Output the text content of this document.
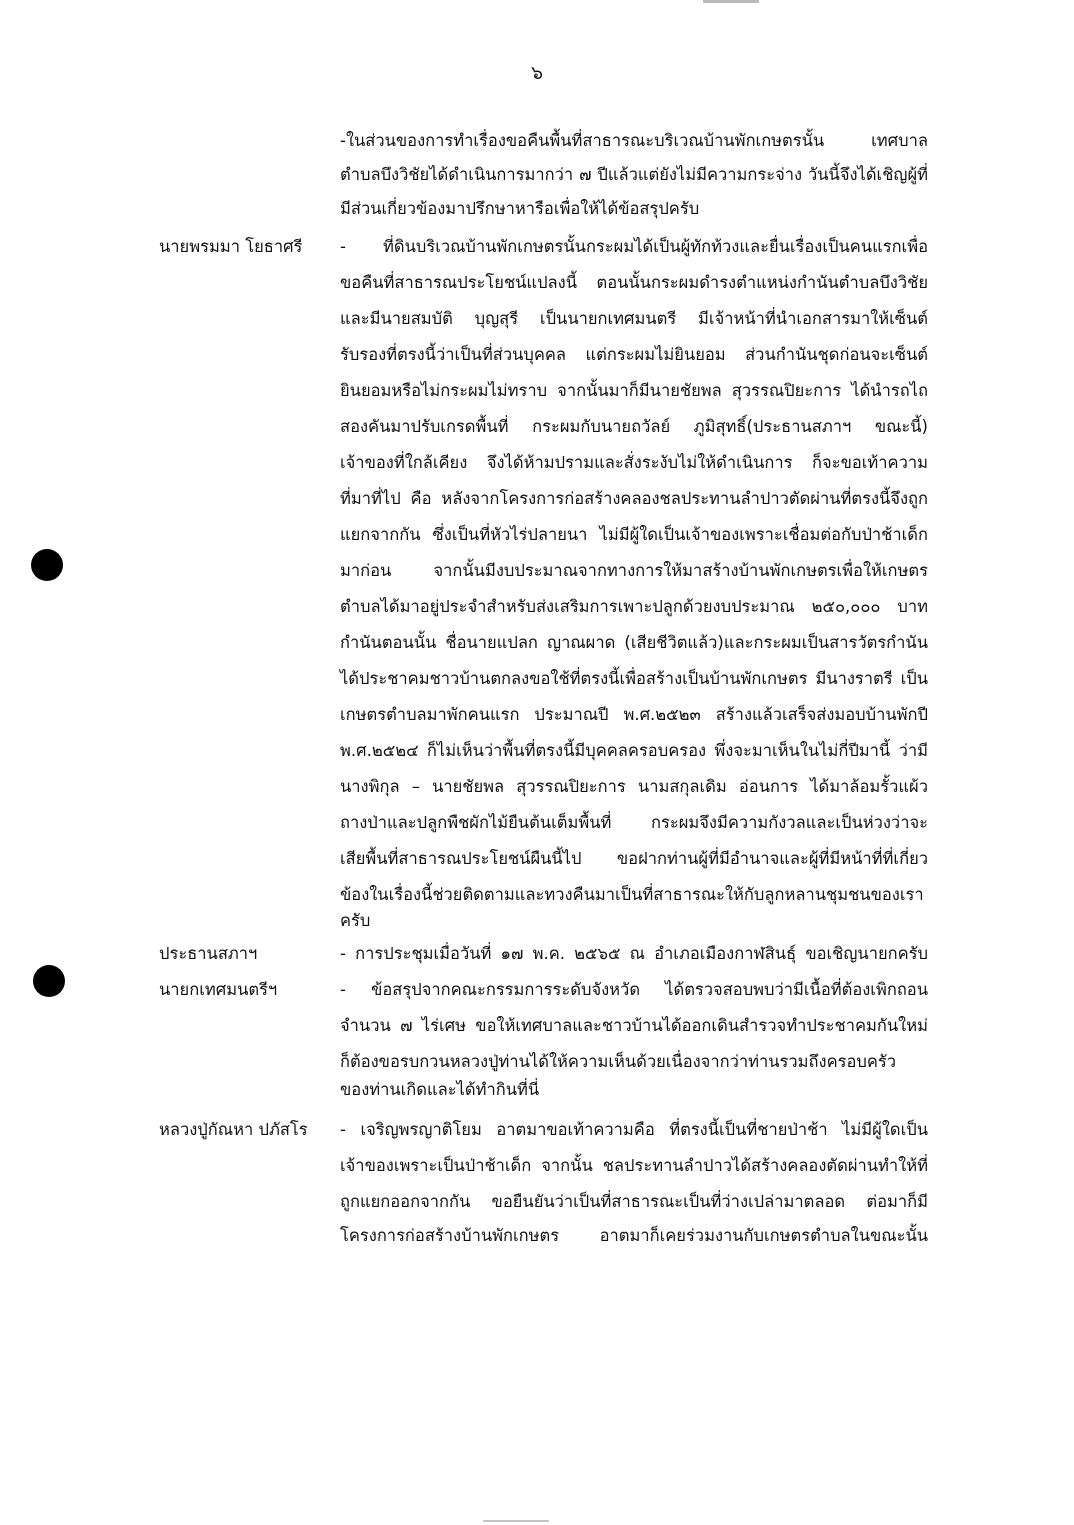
๖
-ในส่วนของการทำเรื่องขอคืนพื้นที่สาธารณะบริเวณบ้านพักเกษตรนั้น เทศบาล
ตำบลบึงวิชัยได้ดำเนินการมากว่า ๗ ปีแล้วแต่ยังไม่มีความกระจ่าง วันนี้จึงได้เชิญผู้ที่
มีส่วนเกี่ยวข้องมาปรึกษาหารือเพื่อให้ได้ข้อสรุปครับ
นายพรมมา โยธาศรี - ที่ดินบริเวณบ้านพักเกษตรนั้นกระผมได้เป็นผู้ทักท้วงและยื่นเรื่องเป็นคนแรกเพื่อ
ขอคืนที่สาธารณประโยชน์แปลงนี้ ตอนนั้นกระผมดำรงตำแหน่งกำนันตำบลบึงวิชัย
และมีนายสมบัติ บุญสุรี เป็นนายกเทศมนตรี มีเจ้าหน้าที่นำเอกสารมาให้เซ็นต์
รับรองที่ตรงนี้ว่าเป็นที่ส่วนบุคคล แต่กระผมไม่ยินยอม ส่วนกำนันชุดก่อนจะเซ็นต์
ยินยอมหรือไม่กระผมไม่ทราบ จากนั้นมาก็มีนายชัยพล สุวรรณปิยะการ ได้นำรถไถ
สองคันมาปรับเกรดพื้นที่ กระผมกับนายถวัลย์ ภูมิสุทธิ์(ประธานสภาฯ ขณะนี้)
เจ้าของที่ใกล้เคียง จึงได้ห้ามปรามและสั่งระงับไม่ให้ดำเนินการ ก็จะขอเท้าความ
ที่มาที่ไป คือ หลังจากโครงการก่อสร้างคลองชลประทานลำปาวตัดผ่านที่ตรงนี้จึงถูก
แยกจากกัน ซึ่งเป็นที่หัวไร่ปลายนา ไม่มีผู้ใดเป็นเจ้าของเพราะเชื่อมต่อกับป่าช้าเด็ก
มาก่อน จากนั้นมีงบประมาณจากทางการให้มาสร้างบ้านพักเกษตรเพื่อให้เกษตร
ตำบลได้มาอยู่ประจำสำหรับส่งเสริมการเพาะปลูกด้วยงบประมาณ ๒๕๐,๐๐๐ บาท
กำนันตอนนั้น ชื่อนายแปลก ญาณผาด (เสียชีวิตแล้ว)และกระผมเป็นสารวัตรกำนัน
ได้ประชาคมชาวบ้านตกลงขอใช้ที่ตรงนี้เพื่อสร้างเป็นบ้านพักเกษตร มีนางราตรี เป็น
เกษตรตำบลมาพักคนแรก ประมาณปี พ.ศ.๒๕๒๓ สร้างแล้วเสร็จส่งมอบบ้านพักปี
พ.ศ.๒๕๒๔ ก็ไม่เห็นว่าพื้นที่ตรงนี้มีบุคคลครอบครอง พึ่งจะมาเห็นในไม่กี่ปีมานี้ ว่ามี
นางพิกุล – นายชัยพล สุวรรณปิยะการ นามสกุลเดิม อ่อนการ ได้มาล้อมรั้วแผ้ว
ถางป่าและปลูกพืชผักไม้ยืนต้นเต็มพื้นที่ กระผมจึงมีความกังวลและเป็นห่วงว่าจะ
เสียพื้นที่สาธารณประโยชน์ผืนนี้ไป ขอฝากท่านผู้ที่มีอำนาจและผู้ที่มีหน้าที่ที่เกี่ยว
ข้องในเรื่องนี้ช่วยติดตามและทวงคืนมาเป็นที่สาธารณะให้กับลูกหลานชุมชนของเรา
ครับ
ประธานสภาฯ	- การประชุมเมื่อวันที่ ๑๗ พ.ค. ๒๕๖๕ ณ อำเภอเมืองกาฬสินธุ์ ขอเชิญนายกครับ
นายกเทศมนตรีฯ	- ข้อสรุปจากคณะกรรมการระดับจังหวัด ได้ตรวจสอบพบว่ามีเนื้อที่ต้องเพิกถอน
จำนวน ๗ ไร่เศษ ขอให้เทศบาลและชาวบ้านได้ออกเดินสำรวจทำประชาคมกันใหม่
ก็ต้องขอรบกวนหลวงปู่ท่านได้ให้ความเห็นด้วยเนื่องจากว่าท่านรวมถึงครอบครัว
ของท่านเกิดและได้ทำกินที่นี่
หลวงปู่กัณหา ปภัสโร - เจริญพรญาติโยม อาตมาขอเท้าความคือ ที่ตรงนี้เป็นที่ชายป่าช้า ไม่มีผู้ใดเป็น
เจ้าของเพราะเป็นป่าช้าเด็ก จากนั้น ชลประทานลำปาวได้สร้างคลองตัดผ่านทำให้ที่
ถูกแยกออกจากกัน ขอยืนยันว่าเป็นที่สาธารณะเป็นที่ว่างเปล่ามาตลอด ต่อมาก็มี
โครงการก่อสร้างบ้านพักเกษตร อาตมาก็เคยร่วมงานกับเกษตรตำบลในขณะนั้น
